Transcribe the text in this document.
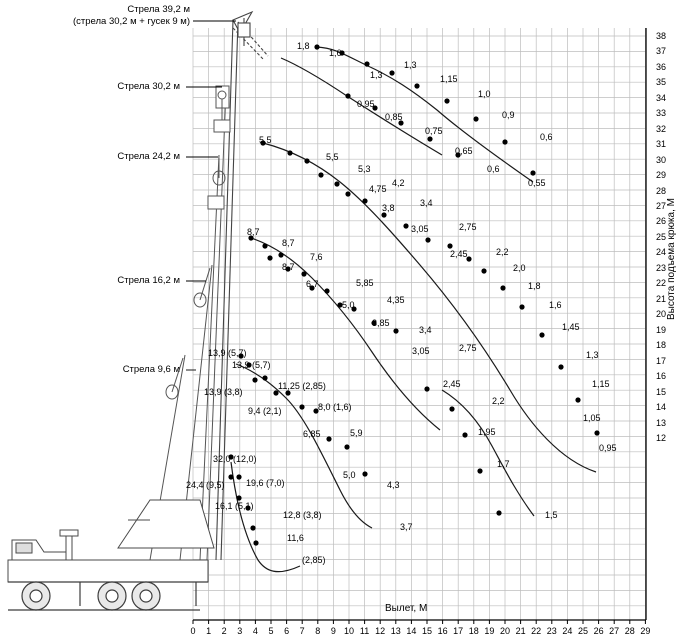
Стрела 39,2 м
(стрела 30,2 м + гусек 9 м)
Стрела 30,2 м
Стрела 24,2 м
Стрела 16,2 м
Стрела 9,6 м
1,8
1,6
1,3
1,3
1,15
1,0
0,9
0,6
0,55
0,95
0,85
0,75
0,65
0,6
5,5
5,5
5,3
4,75
4,2
3,8	3,4
3,05	2,75
2,45	2,2
2,0
1,8
1,6
1,45
1,3
1,15
1,05
0,95
8,7
8,7
8,7
7,6
6,7	5,85
5,0	4,35
3,85
3,4
3,05	2,75
13,9 (5,7)
13,9 (5,7)
13,9 (3,8)
11,25 (2,85)
9,4 (2,1)	8,0 (1,6)
6,85	5,9
5,0
4,3
3,7
32,0 (12,0)
24,4 (9,5) 19,6 (7,0)
16,1 (5,1)
12,8 (3,8)
11,6
(2,85)
2,45
2,2
1,95
1,7
1,5
38
37
36
35
34
33
32
31
30
29
28
27
26
25
24
23
22
21
20
19
18
17
16
15
14
13
12
Высота подъема крюка, М
0	1	2	3	4	5	6	7	8	9 10 11 12 13 14 15 16 17 18 19 20 21 22 23 24 25 26 27 28 29
Вылет, М
